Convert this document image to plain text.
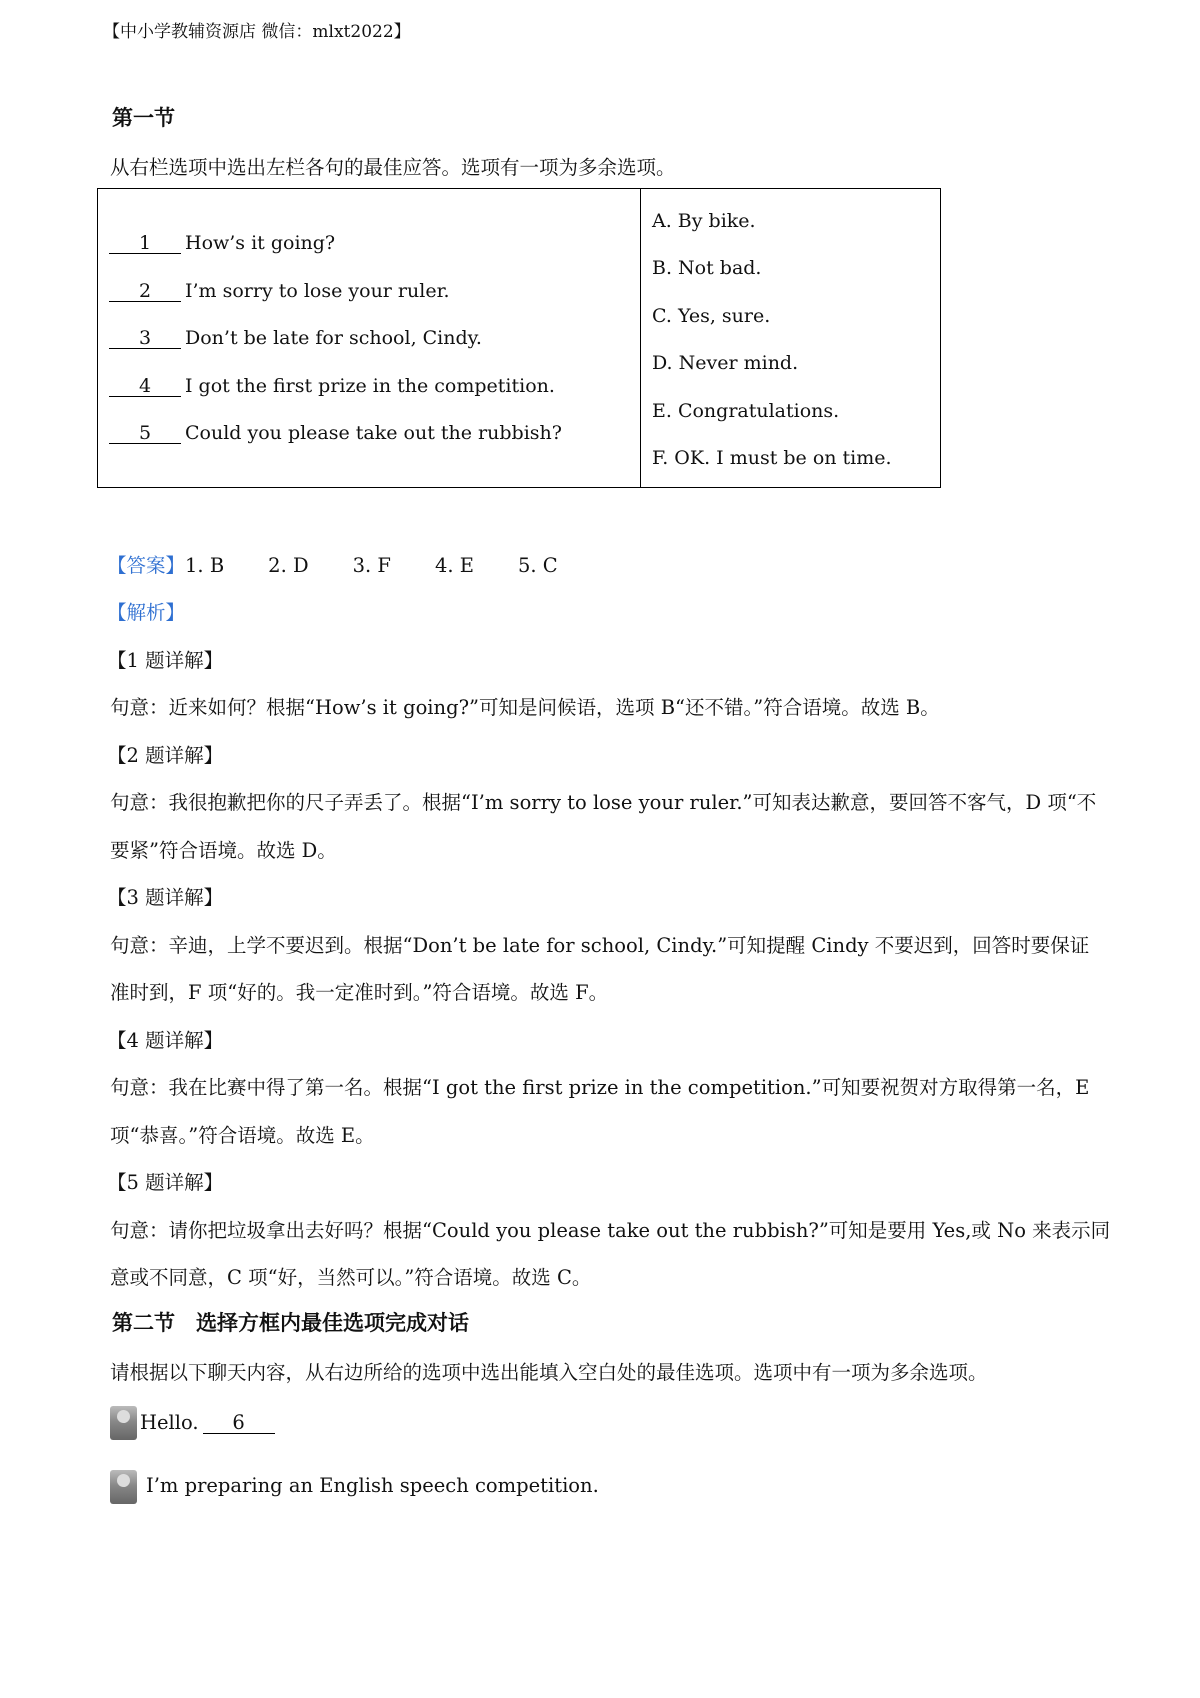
【中小学教辅资源店 微信：mlxt2022】
第一节
从右栏选项中选出左栏各句的最佳应答。选项有一项为多余选项。
1 How’s it going?
2 I’m sorry to lose your ruler.
3 Don’t be late for school, Cindy.
4 I got the first prize in the competition.
5 Could you please take out the rubbish?

A. By bike.
B. Not bad.
C. Yes, sure.
D. Never mind.
E. Congratulations.
F. OK. I must be on time.
【答案】1. B 2. D 3. F 4. E 5. C
【解析】
【1 题详解】
句意：近来如何？根据“How’s it going?”可知是问候语，选项 B“还不错。”符合语境。故选 B。
【2 题详解】
句意：我很抱歉把你的尺子弄丢了。根据“I’m sorry to lose your ruler.”可知表达歉意，要回答不客气，D 项“不
要紧”符合语境。故选 D。
【3 题详解】
句意：辛迪，上学不要迟到。根据“Don’t be late for school, Cindy.”可知提醒 Cindy 不要迟到，回答时要保证
准时到，F 项“好的。我一定准时到。”符合语境。故选 F。
【4 题详解】
句意：我在比赛中得了第一名。根据“I got the first prize in the competition.”可知要祝贺对方取得第一名，E
项“恭喜。”符合语境。故选 E。
【5 题详解】
句意：请你把垃圾拿出去好吗？根据“Could you please take out the rubbish?”可知是要用 Yes,或 No 来表示同
意或不同意，C 项“好，当然可以。”符合语境。故选 C。
第二节　选择方框内最佳选项完成对话
请根据以下聊天内容，从右边所给的选项中选出能填入空白处的最佳选项。选项中有一项为多余选项。
Hello. 6
I’m preparing an English speech competition.
